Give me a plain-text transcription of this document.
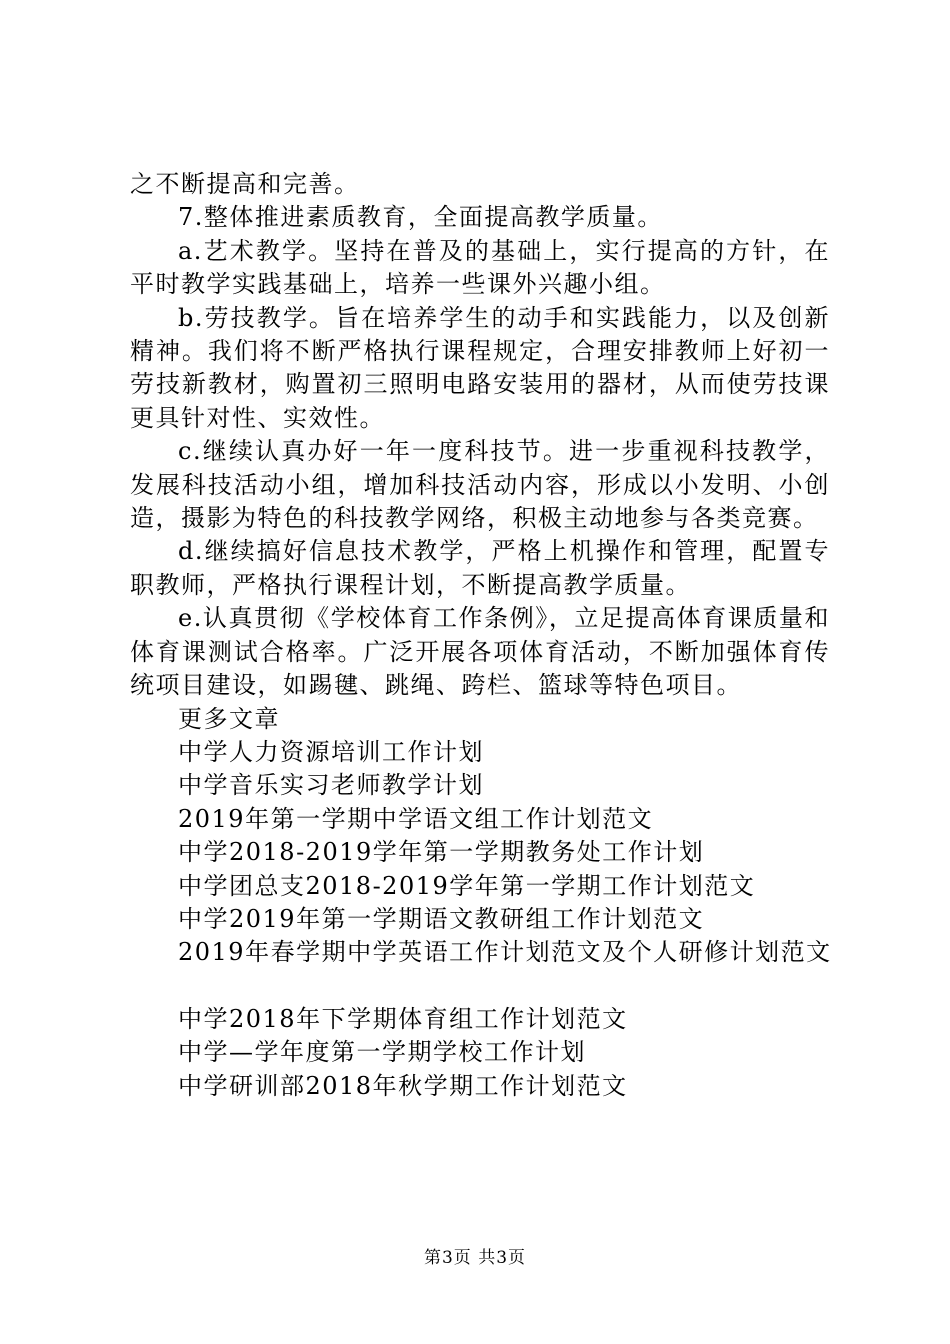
之不断提高和完善。

7.整体推进素质教育，全面提高教学质量。

a.艺术教学。坚持在普及的基础上，实行提高的方针，在平时教学实践基础上，培养一些课外兴趣小组。

b.劳技教学。旨在培养学生的动手和实践能力，以及创新精神。我们将不断严格执行课程规定，合理安排教师上好初一劳技新教材，购置初三照明电路安装用的器材，从而使劳技课更具针对性、实效性。

c.继续认真办好一年一度科技节。进一步重视科技教学，发展科技活动小组，增加科技活动内容，形成以小发明、小创造，摄影为特色的科技教学网络，积极主动地参与各类竞赛。

d.继续搞好信息技术教学，严格上机操作和管理，配置专职教师，严格执行课程计划，不断提高教学质量。

e.认真贯彻《学校体育工作条例》，立足提高体育课质量和体育课测试合格率。广泛开展各项体育活动，不断加强体育传统项目建设，如踢毽、跳绳、跨栏、篮球等特色项目。

更多文章

中学人力资源培训工作计划
中学音乐实习老师教学计划
2019年第一学期中学语文组工作计划范文
中学2018-2019学年第一学期教务处工作计划
中学团总支2018-2019学年第一学期工作计划范文
中学2019年第一学期语文教研组工作计划范文
2019年春学期中学英语工作计划范文及个人研修计划范文
中学2018年下学期体育组工作计划范文
中学—学年度第一学期学校工作计划
中学研训部2018年秋学期工作计划范文
第3页 共3页
